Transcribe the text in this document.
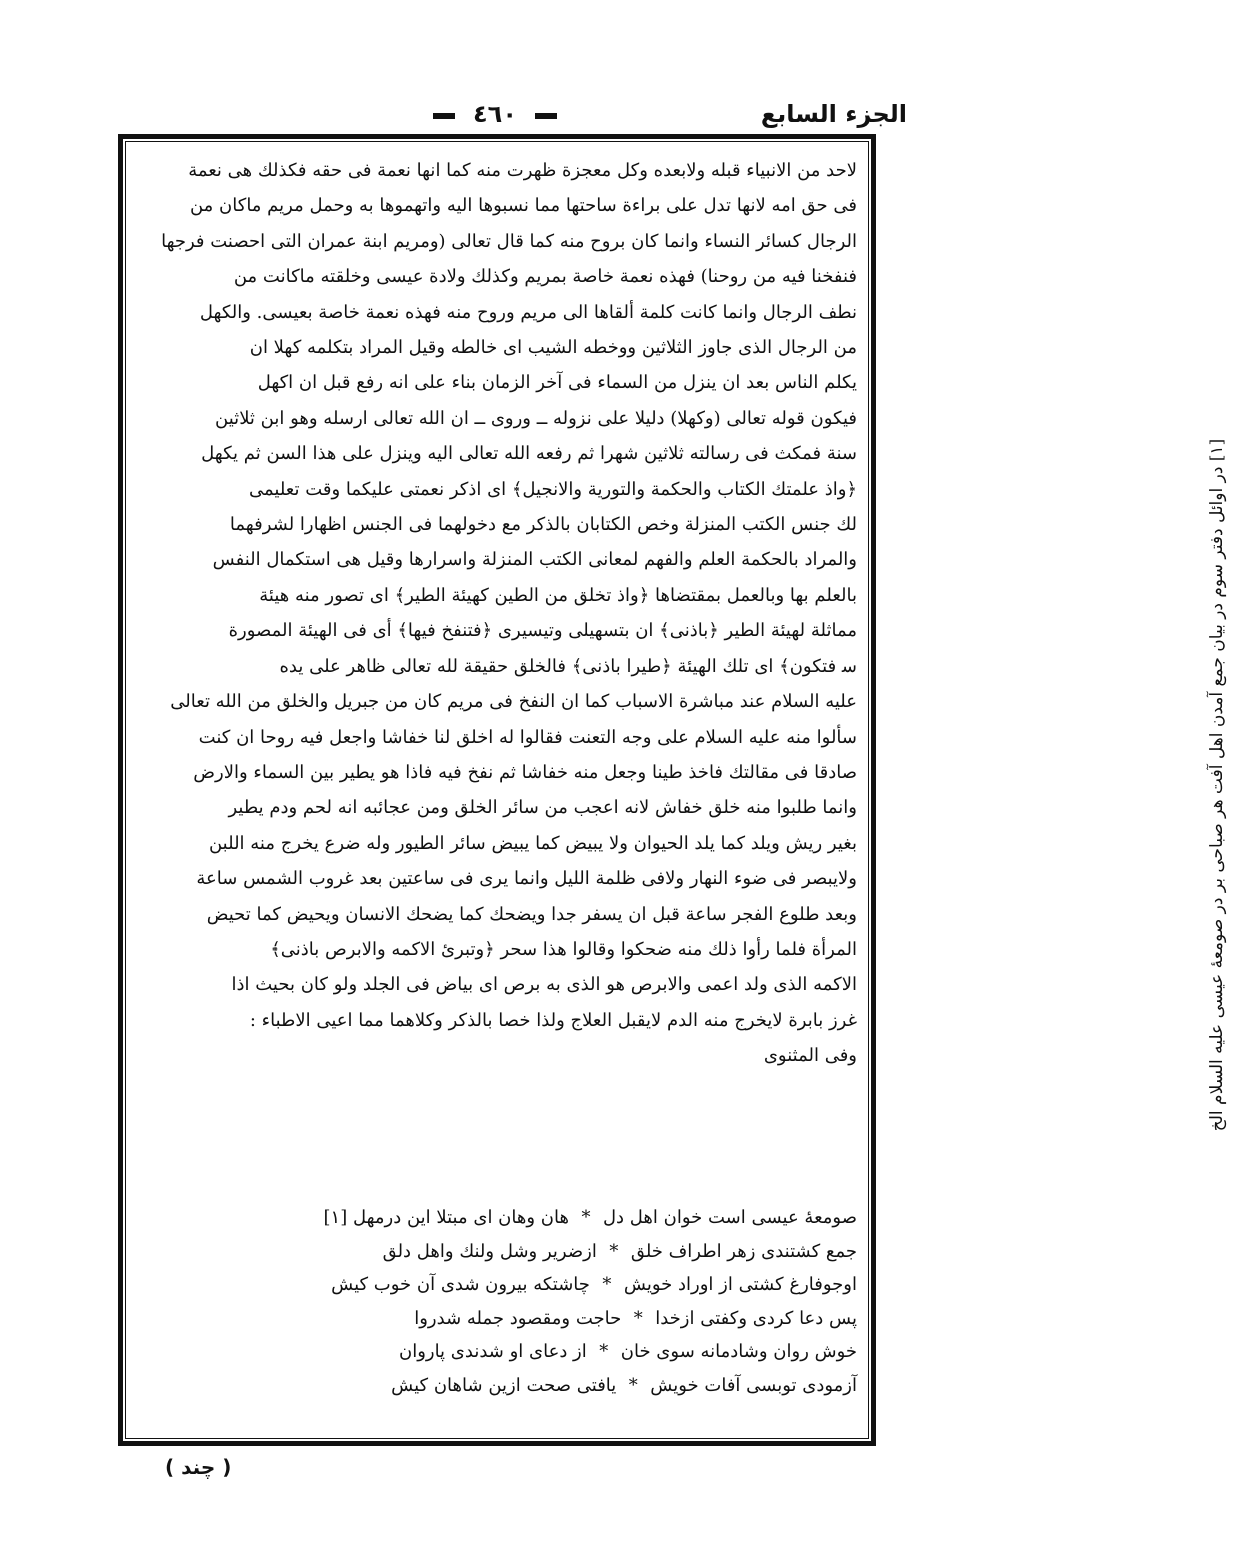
الجزء السابع
٤٦٠

لاحد من الانبياء قبله ولابعده وكل معجزة ظهرت منه كما انها نعمة فى حقه فكذلك هى نعمة

فى حق امه لانها تدل على براءة ساحتها مما نسبوها اليه واتهموها به وحمل مريم ماكان من

الرجال كسائر النساء وانما كان بروح منه كما قال تعالى (ومريم ابنة عمران التى احصنت فرجها

فنفخنا فيه من روحنا) فهذه نعمة خاصة بمريم وكذلك ولادة عيسى وخلقته ماكانت من

نطف الرجال وانما كانت كلمة ألقاها الى مريم وروح منه فهذه نعمة خاصة بعيسى. والكهل

من الرجال الذى جاوز الثلاثين ووخطه الشيب اى خالطه وقيل المراد بتكلمه كهلا ان

يكلم الناس بعد ان ينزل من السماء فى آخر الزمان بناء على انه رفع قبل ان اكهل

فيكون قوله تعالى (وكهلا) دليلا على نزوله ــ وروى ــ ان الله تعالى ارسله وهو ابن ثلاثين

سنة فمكث فى رسالته ثلاثين شهرا ثم رفعه الله تعالى اليه وينزل على هذا السن ثم يكهل

﴿واذ علمتك الكتاب والحكمة والتورية والانجيل﴾ اى اذكر نعمتى عليكما وقت تعليمى

لك جنس الكتب المنزلة وخص الكتابان بالذكر مع دخولهما فى الجنس اظهارا لشرفهما

والمراد بالحكمة العلم والفهم لمعانى الكتب المنزلة واسرارها وقيل هى استكمال النفس

بالعلم بها وبالعمل بمقتضاها ﴿واذ تخلق من الطين كهيئة الطير﴾ اى تصور منه هيئة

مماثلة لهيئة الطير ﴿باذنى﴾ ان بتسهيلى وتيسيرى ﴿فتنفخ فيها﴾ أى فى الهيئة المصورة

ﺳ فتكون﴾ اى تلك الهيئة ﴿طيرا باذنى﴾ فالخلق حقيقة لله تعالى ظاهر على يده

عليه السلام عند مباشرة الاسباب كما ان النفخ فى مريم كان من جبريل والخلق من الله تعالى

سألوا منه عليه السلام على وجه التعنت فقالوا له اخلق لنا خفاشا واجعل فيه روحا ان كنت

صادقا فى مقالتك فاخذ طينا وجعل منه خفاشا ثم نفخ فيه فاذا هو يطير بين السماء والارض

وانما طلبوا منه خلق خفاش لانه اعجب من سائر الخلق ومن عجائبه انه لحم ودم يطير

بغير ريش ويلد كما يلد الحيوان ولا يبيض كما يبيض سائر الطيور وله ضرع يخرج منه اللبن

ولايبصر فى ضوء النهار ولافى ظلمة الليل وانما يرى فى ساعتين بعد غروب الشمس ساعة

وبعد طلوع الفجر ساعة قبل ان يسفر جدا ويضحك كما يضحك الانسان ويحيض كما تحيض

المرأة فلما رأوا ذلك منه ضحكوا وقالوا هذا سحر ﴿وتبرئ الاكمه والابرص باذنى﴾

الاكمه الذى ولد اعمى والابرص هو الذى به برص اى بياض فى الجلد ولو كان بحيث اذا

غرز بابرة لايخرج منه الدم لايقبل العلاج ولذا خصا بالذكر وكلاهما مما اعيى الاطباء :

وفى المثنوى

صومعهٔ عيسى است خوان اهل دل
*
هان وهان اى مبتلا اين درمهل [١]
جمع كشتندى زهر اطراف خلق
*
ازضرير وشل ولنك واهل دلق
اوجوفارغ كشتى از اوراد خويش
*
چاشتكه بيرون شدى آن خوب كيش
پس دعا كردى وكفتى ازخدا
*
حاجت ومقصود جمله شدروا
خوش روان وشادمانه سوى خان
*
از دعاى او شدندى پاروان
آزمودى توبسى آفات خويش
*
يافتى صحت ازين شاهان كيش
[١] در اوائل دفتر سوم در بيان جمع آمدن اهل آفت هر صباحى بر در صومعهٔ عيسى عليه السلام الخ
( چند )
